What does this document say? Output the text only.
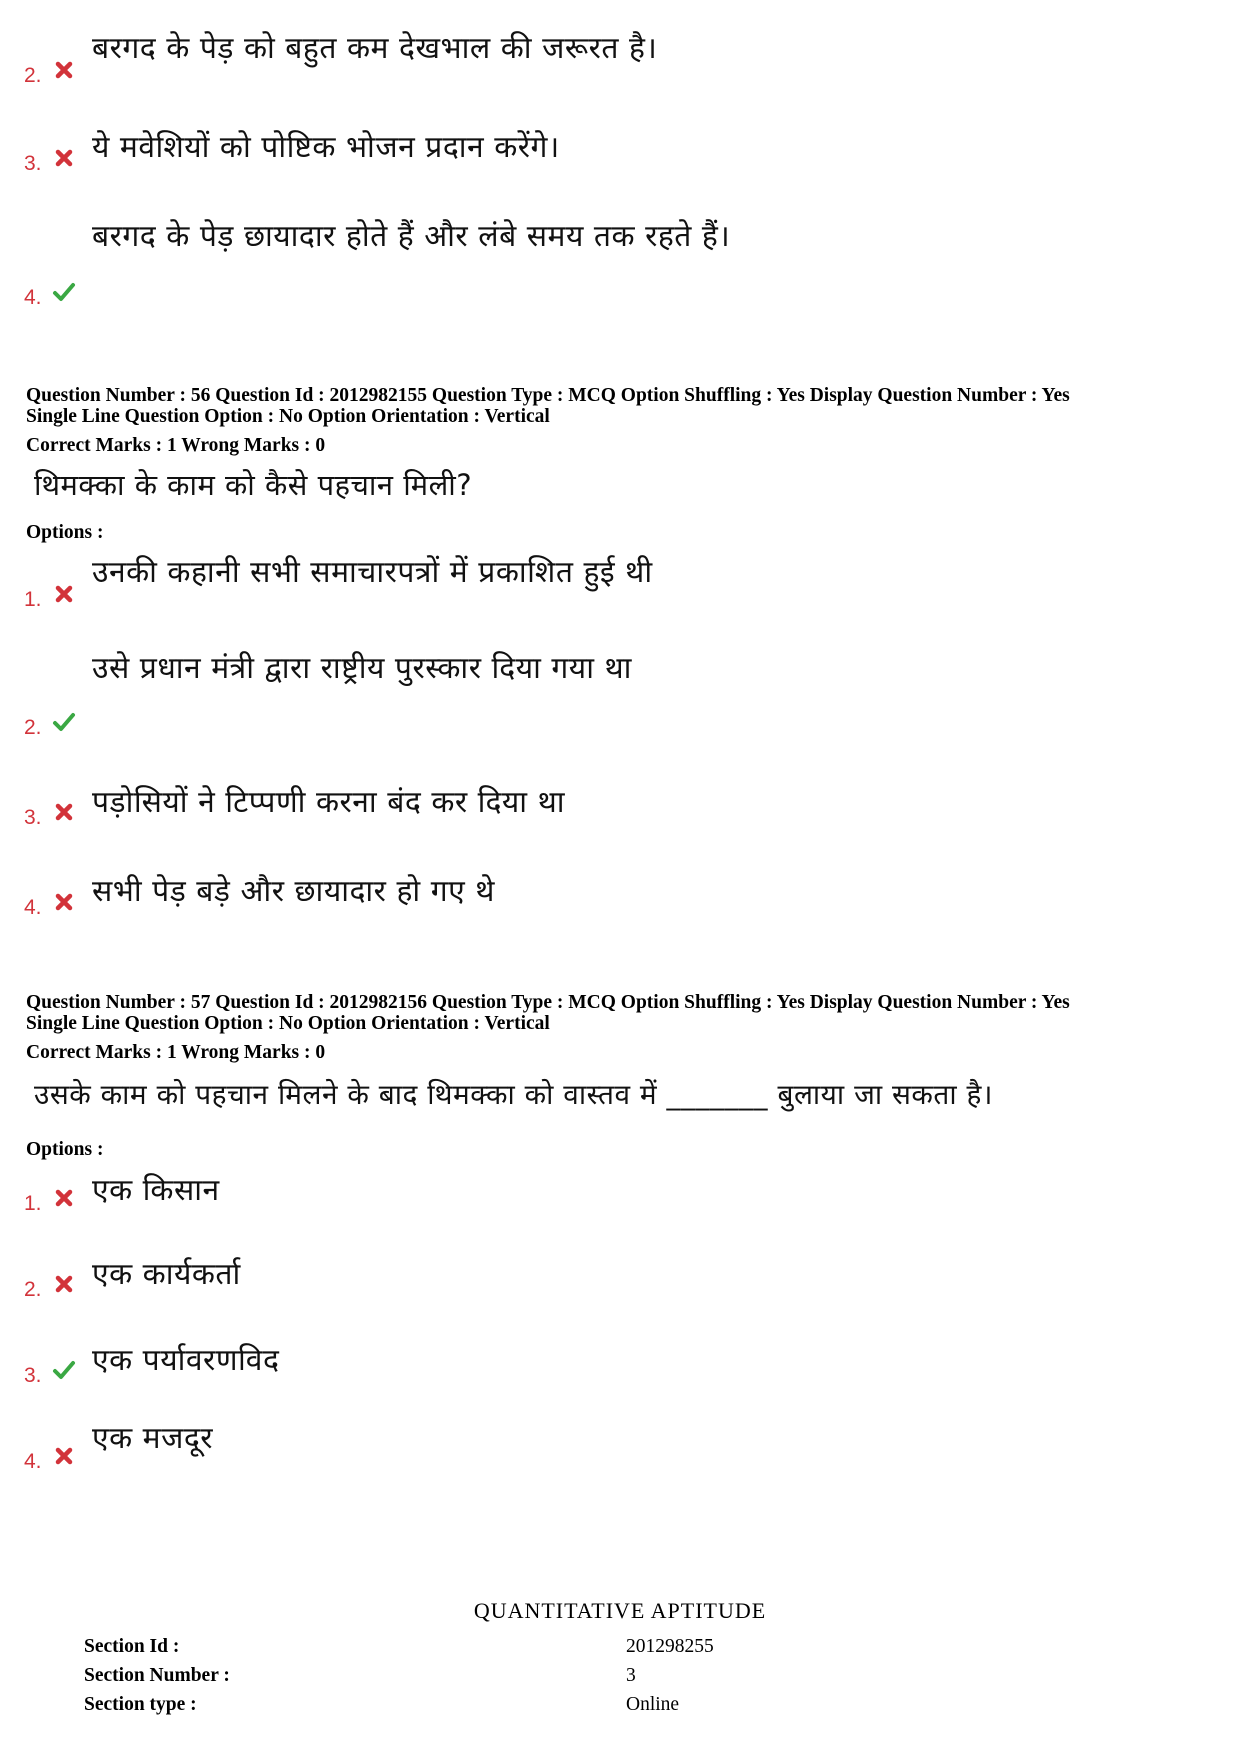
2.
बरगद के पेड़ को बहुत कम देखभाल की जरूरत है।
3. ये मवेशियों को पोष्टिक भोजन प्रदान करेंगे।
4.
बरगद के पेड़ छायादार होते हैं और लंबे समय तक रहते हैं।
Question Number : 56 Question Id : 2012982155 Question Type : MCQ Option Shuffling : Yes Display Question Number : Yes
Single Line Question Option : No Option Orientation : Vertical
Correct Marks : 1 Wrong Marks : 0
थिमक्का के काम को कैसे पहचान मिली?
Options :
1.
उनकी कहानी सभी समाचारपत्रों में प्रकाशित हुई थी
2.
उसे प्रधान मंत्री द्वारा राष्ट्रीय पुरस्कार दिया गया था
3. पड़ोसियों ने टिप्पणी करना बंद कर दिया था
4. सभी पेड़ बड़े और छायादार हो गए थे
Question Number : 57 Question Id : 2012982156 Question Type : MCQ Option Shuffling : Yes Display Question Number : Yes
Single Line Question Option : No Option Orientation : Vertical
Correct Marks : 1 Wrong Marks : 0
उसके काम को पहचान मिलने के बाद थिमक्का को वास्तव में _______ बुलाया जा सकता है।
Options :
1. एक किसान
2. एक कार्यकर्ता
3. एक पर्यावरणविद
4.
एक मजदूर
QUANTITATIVE APTITUDE
Section Id :	201298255
Section Number :	3
Section type :	Online
